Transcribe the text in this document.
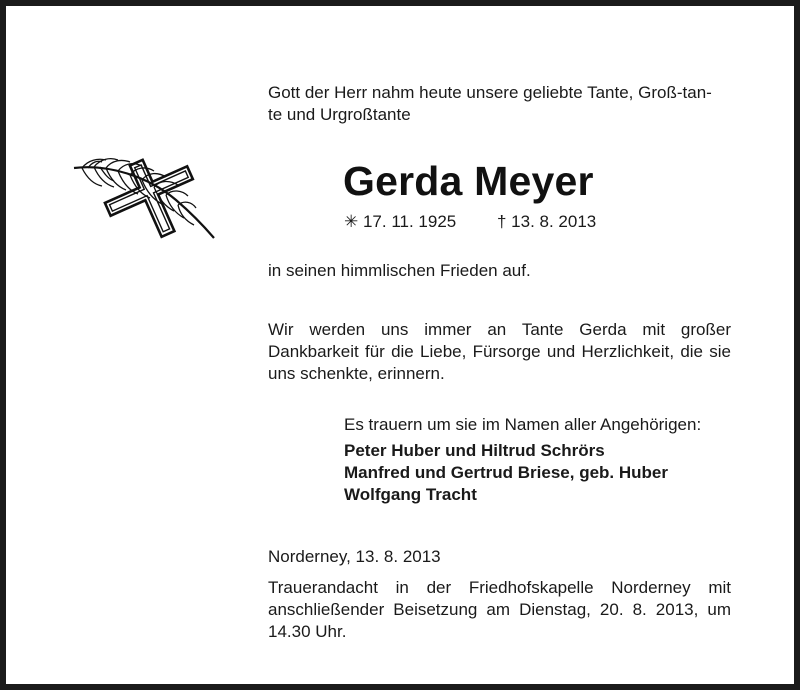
Gott der Herr nahm heute unsere geliebte Tante, Groß-tan-
te und Urgroßtante
Gerda Meyer
✳ 17. 11. 1925 † 13. 8. 2013
in seinen himmlischen Frieden auf.
Wir werden uns immer an Tante Gerda mit großer Dankbarkeit für die Liebe, Fürsorge und Herzlichkeit, die sie uns schenkte, erinnern.
Es trauern um sie im Namen aller Angehörigen:
Peter Huber und Hiltrud Schrörs
Manfred und Gertrud Briese, geb. Huber
Wolfgang Tracht
Norderney, 13. 8. 2013
Trauerandacht in der Friedhofskapelle Norderney mit anschließender Beisetzung am Dienstag, 20. 8. 2013, um 14.30 Uhr.
